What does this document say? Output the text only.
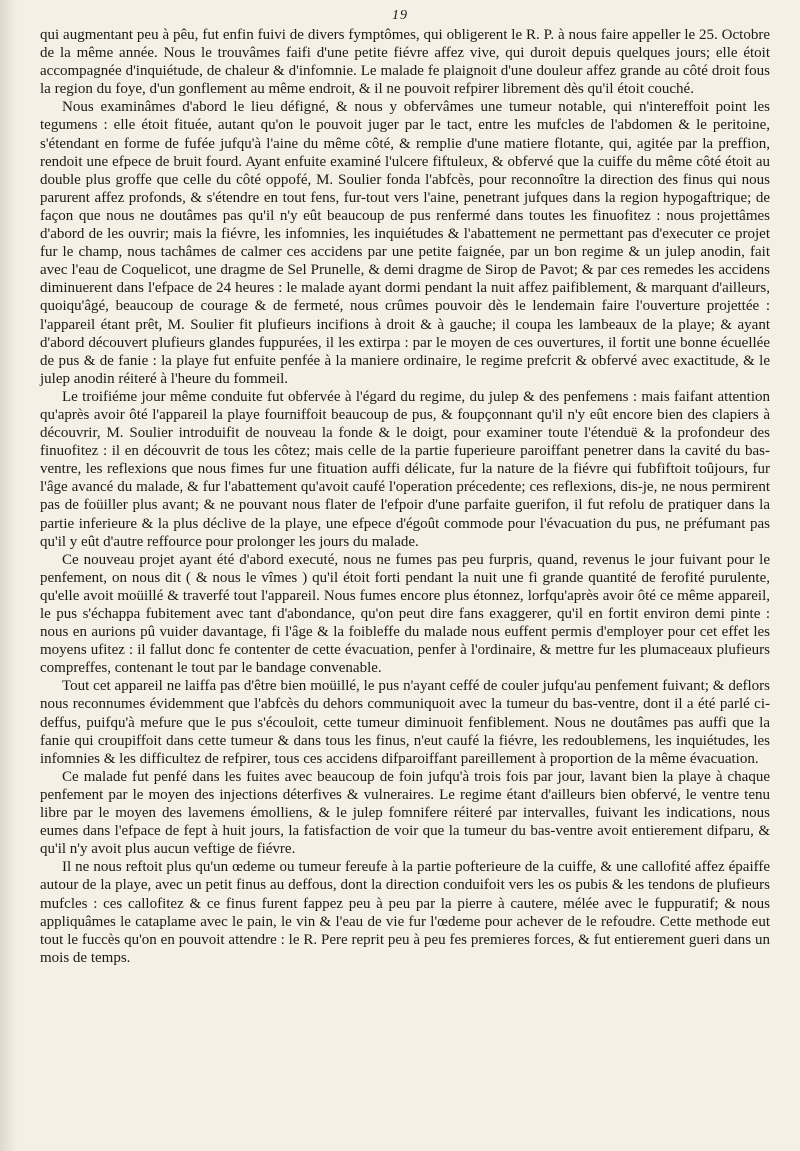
19

qui augmentant peu à pêu, fut enfin fuivi de divers fymptômes, qui obligerent le R. P. à nous faire appeller le 25. Octobre de la même année. Nous le trouvâmes faifi d'une petite fiévre affez vive, qui duroit depuis quelques jours; elle étoit accompagnée d'inquiétude, de chaleur & d'infomnie. Le malade fe plaignoit d'une douleur affez grande au côté droit fous la region du foye, d'un gonflement au même endroit, & il ne pouvoit refpirer librement dès qu'il étoit couché.

Nous examinâmes d'abord le lieu défigné, & nous y obfervâmes une tumeur notable, qui n'intereffoit point les tegumens : elle étoit fituée, autant qu'on le pouvoit juger par le tact, entre les mufcles de l'abdomen & le peritoine, s'étendant en forme de fufée jufqu'à l'aine du même côté, & remplie d'une matiere flotante, qui, agitée par la preffion, rendoit une efpece de bruit fourd. Ayant enfuite examiné l'ulcere fiftuleux, & obfervé que la cuiffe du même côté étoit au double plus groffe que celle du côté oppofé, M. Soulier fonda l'abfcès, pour reconnoître la direction des finus qui nous parurent affez profonds, & s'étendre en tout fens, fur-tout vers l'aine, penetrant jufques dans la region hypogaftrique; de façon que nous ne doutâmes pas qu'il n'y eût beaucoup de pus renfermé dans toutes les finuofitez : nous projettâmes d'abord de les ouvrir; mais la fiévre, les infomnies, les inquiétudes & l'abattement ne permettant pas d'executer ce projet fur le champ, nous tachâmes de calmer ces accidens par une petite faignée, par un bon regime & un julep anodin, fait avec l'eau de Coquelicot, une dragme de Sel Prunelle, & demi dragme de Sirop de Pavot; & par ces remedes les accidens diminuerent dans l'efpace de 24 heures : le malade ayant dormi pendant la nuit affez paifiblement, & marquant d'ailleurs, quoiqu'âgé, beaucoup de courage & de fermeté, nous crûmes pouvoir dès le lendemain faire l'ouverture projettée : l'appareil étant prêt, M. Soulier fit plufieurs incifions à droit & à gauche; il coupa les lambeaux de la playe; & ayant d'abord découvert plufieurs glandes fuppurées, il les extirpa : par le moyen de ces ouvertures, il fortit une bonne écuellée de pus & de fanie : la playe fut enfuite penfée à la maniere ordinaire, le regime prefcrit & obfervé avec exactitude, & le julep anodin réiteré à l'heure du fommeil.

Le troifiéme jour même conduite fut obfervée à l'égard du regime, du julep & des penfemens : mais faifant attention qu'après avoir ôté l'appareil la playe fourniffoit beaucoup de pus, & foupçonnant qu'il n'y eût encore bien des clapiers à découvrir, M. Soulier introduifit de nouveau la fonde & le doigt, pour examiner toute l'étenduë & la profondeur des finuofitez : il en découvrit de tous les côtez; mais celle de la partie fuperieure paroiffant penetrer dans la cavité du bas-ventre, les reflexions que nous fimes fur une fituation auffi délicate, fur la nature de la fiévre qui fubfiftoit toûjours, fur l'âge avancé du malade, & fur l'abattement qu'avoit caufé l'operation précedente; ces reflexions, dis-je, ne nous permirent pas de foüiller plus avant; & ne pouvant nous flater de l'efpoir d'une parfaite guerifon, il fut refolu de pratiquer dans la partie inferieure & la plus déclive de la playe, une efpece d'égoût commode pour l'évacuation du pus, ne préfumant pas qu'il y eût d'autre reffource pour prolonger les jours du malade.

Ce nouveau projet ayant été d'abord executé, nous ne fumes pas peu furpris, quand, revenus le jour fuivant pour le penfement, on nous dit ( & nous le vîmes ) qu'il étoit forti pendant la nuit une fi grande quantité de ferofité purulente, qu'elle avoit moüillé & traverfé tout l'appareil. Nous fumes encore plus étonnez, lorfqu'après avoir ôté ce même appareil, le pus s'échappa fubitement avec tant d'abondance, qu'on peut dire fans exaggerer, qu'il en fortit environ demi pinte : nous en aurions pû vuider davantage, fi l'âge & la foibleffe du malade nous euffent permis d'employer pour cet effet les moyens ufitez : il fallut donc fe contenter de cette évacuation, penfer à l'ordinaire, & mettre fur les plumaceaux plufieurs compreffes, contenant le tout par le bandage convenable.

Tout cet appareil ne laiffa pas d'être bien moüillé, le pus n'ayant ceffé de couler jufqu'au penfement fuivant; & deflors nous reconnumes évidemment que l'abfcès du dehors communiquoit avec la tumeur du bas-ventre, dont il a été parlé ci-deffus, puifqu'à mefure que le pus s'écouloit, cette tumeur diminuoit fenfiblement. Nous ne doutâmes pas auffi que la fanie qui croupiffoit dans cette tumeur & dans tous les finus, n'eut caufé la fiévre, les redoublemens, les inquiétudes, les infomnies & les difficultez de refpirer, tous ces accidens difparoiffant pareillement à proportion de la même évacuation.

Ce malade fut penfé dans les fuites avec beaucoup de foin jufqu'à trois fois par jour, lavant bien la playe à chaque penfement par le moyen des injections déterfives & vulneraires. Le regime étant d'ailleurs bien obfervé, le ventre tenu libre par le moyen des lavemens émolliens, & le julep fomnifere réiteré par intervalles, fuivant les indications, nous eumes dans l'efpace de fept à huit jours, la fatisfaction de voir que la tumeur du bas-ventre avoit entierement difparu, & qu'il n'y avoit plus aucun veftige de fiévre.

Il ne nous reftoit plus qu'un œdeme ou tumeur fereufe à la partie pofterieure de la cuiffe, & une callofité affez épaiffe autour de la playe, avec un petit finus au deffous, dont la direction conduifoit vers les os pubis & les tendons de plufieurs mufcles : ces callofitez & ce finus furent fappez peu à peu par la pierre à cautere, mélée avec le fuppuratif; & nous appliquâmes le cataplame avec le pain, le vin & l'eau de vie fur l'œdeme pour achever de le refoudre. Cette methode eut tout le fuccès qu'on en pouvoit attendre : le R. Pere reprit peu à peu fes premieres forces, & fut entierement gueri dans un mois de temps.
